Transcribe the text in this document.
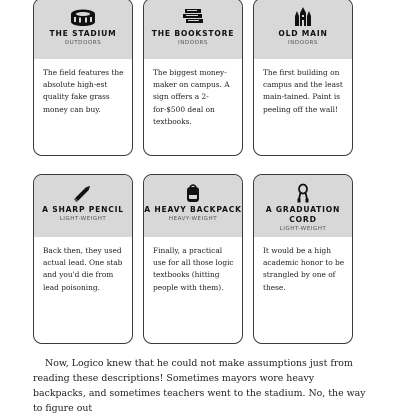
THE STADIUM
OUTDOORS
The field features the absolute high-est quality fake grass money can buy.
THE BOOKSTORE
INDOORS
The biggest money-maker on campus. A sign offers a 2-for-$500 deal on textbooks.
OLD MAIN
INDOORS
The first building on campus and the least main-tained. Paint is peeling off the wall!
A SHARP PENCIL
LIGHT-WEIGHT
Back then, they used actual lead. One stab and you'd die from lead poisoning.
A HEAVY BACKPACK
HEAVY-WEIGHT
Finally, a practical use for all those logic textbooks (hitting people with them).
A GRADUATION CORD
LIGHT-WEIGHT
It would be a high academic honor to be strangled by one of these.

Now, Logico knew that he could not make assumptions just from reading these descriptions! Sometimes mayors wore heavy backpacks, and sometimes teachers went to the stadium. No, the way to figure out
